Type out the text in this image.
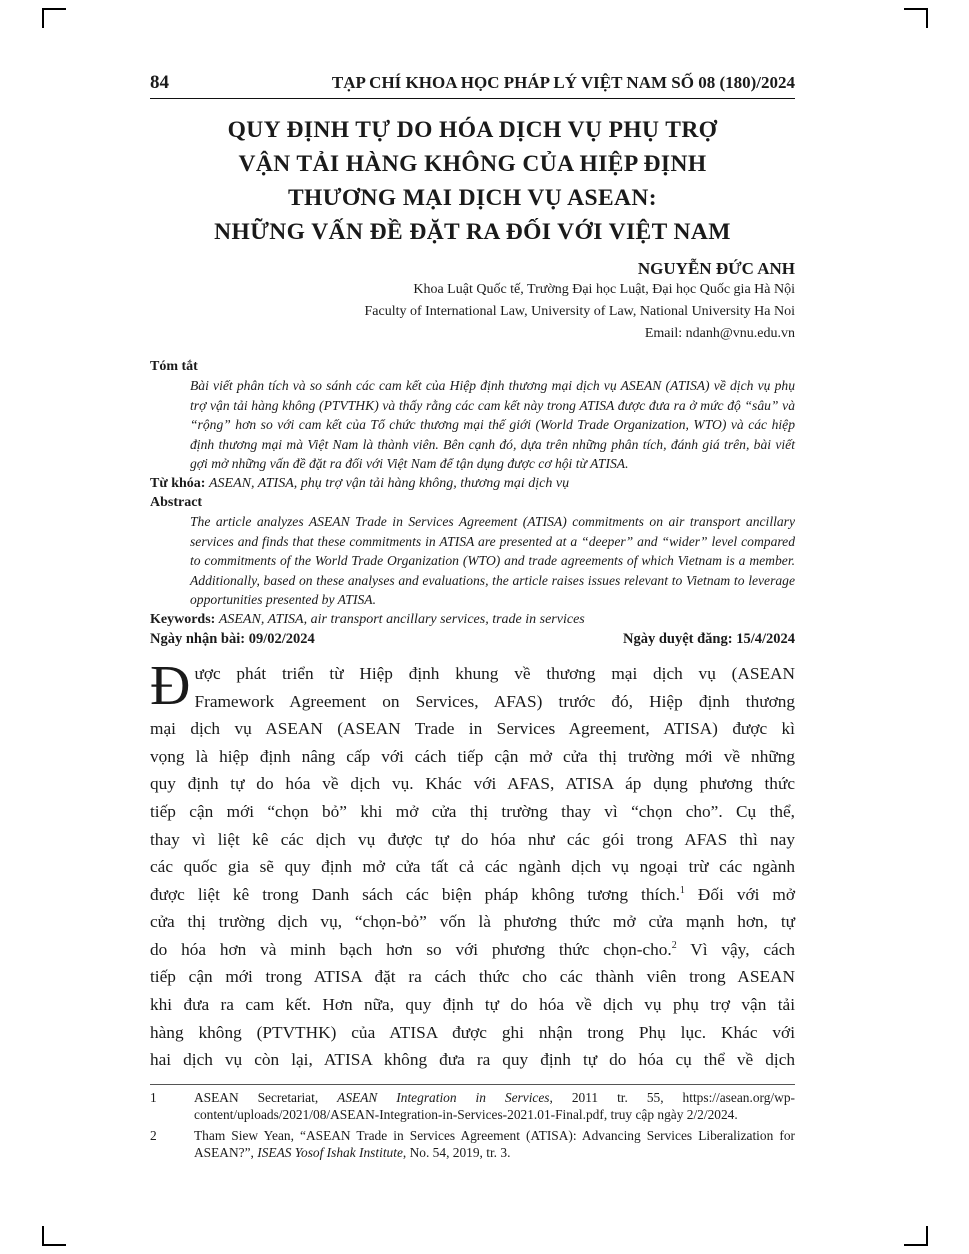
84	TẠP CHÍ KHOA HỌC PHÁP LÝ VIỆT NAM SỐ 08 (180)/2024
QUY ĐỊNH TỰ DO HÓA DỊCH VỤ PHỤ TRỢ
VẬN TẢI HÀNG KHÔNG CỦA HIỆP ĐỊNH
THƯƠNG MẠI DỊCH VỤ ASEAN:
NHỮNG VẤN ĐỀ ĐẶT RA ĐỐI VỚI VIỆT NAM
NGUYỄN ĐỨC ANH
Khoa Luật Quốc tế, Trường Đại học Luật, Đại học Quốc gia Hà Nội
Faculty of International Law, University of Law, National University Ha Noi
Email: ndanh@vnu.edu.vn
Tóm tắt
Bài viết phân tích và so sánh các cam kết của Hiệp định thương mại dịch vụ ASEAN (ATISA) về dịch vụ phụ trợ vận tải hàng không (PTVTHK) và thấy rằng các cam kết này trong ATISA được đưa ra ở mức độ “sâu” và “rộng” hơn so với cam kết của Tổ chức thương mại thế giới (World Trade Organization, WTO) và các hiệp định thương mại mà Việt Nam là thành viên. Bên cạnh đó, dựa trên những phân tích, đánh giá trên, bài viết gợi mở những vấn đề đặt ra đối với Việt Nam để tận dụng được cơ hội từ ATISA.
Từ khóa: ASEAN, ATISA, phụ trợ vận tải hàng không, thương mại dịch vụ
Abstract
The article analyzes ASEAN Trade in Services Agreement (ATISA) commitments on air transport ancillary services and finds that these commitments in ATISA are presented at a “deeper” and “wider” level compared to commitments of the World Trade Organization (WTO) and trade agreements of which Vietnam is a member. Additionally, based on these analyses and evaluations, the article raises issues relevant to Vietnam to leverage opportunities presented by ATISA.
Keywords: ASEAN, ATISA, air transport ancillary services, trade in services
Ngày nhận bài: 09/02/2024	Ngày duyệt đăng: 15/4/2024
Đ ược phát triển từ Hiệp định khung về thương mại dịch vụ (ASEAN
Framework Agreement on Services, AFAS) trước đó, Hiệp định thương
mại dịch vụ ASEAN (ASEAN Trade in Services Agreement, ATISA) được kì
vọng là hiệp định nâng cấp với cách tiếp cận mở cửa thị trường mới về những
quy định tự do hóa về dịch vụ. Khác với AFAS, ATISA áp dụng phương thức
tiếp cận mới “chọn bỏ” khi mở cửa thị trường thay vì “chọn cho”. Cụ thể,
thay vì liệt kê các dịch vụ được tự do hóa như các gói trong AFAS thì nay
các quốc gia sẽ quy định mở cửa tất cả các ngành dịch vụ ngoại trừ các ngành
được liệt kê trong Danh sách các biện pháp không tương thích.$^1$ Đối với mở
cửa thị trường dịch vụ, “chọn-bỏ” vốn là phương thức mở cửa mạnh hơn, tự
do hóa hơn và minh bạch hơn so với phương thức chọn-cho.$^2$ Vì vậy, cách
tiếp cận mới trong ATISA đặt ra cách thức cho các thành viên trong ASEAN
khi đưa ra cam kết. Hơn nữa, quy định tự do hóa về dịch vụ phụ trợ vận tải
hàng không (PTVTHK) của ATISA được ghi nhận trong Phụ lục. Khác với
hai dịch vụ còn lại, ATISA không đưa ra quy định tự do hóa cụ thể về dịch
1	ASEAN Secretariat, ASEAN Integration in Services, 2011 tr. 55, https://asean.org/wp-content/uploads/2021/08/ASEAN-Integration-in-Services-2021.01-Final.pdf, truy cập ngày 2/2/2024.
2	Tham Siew Yean, “ASEAN Trade in Services Agreement (ATISA): Advancing Services Liberalization for ASEAN?”, ISEAS Yosof Ishak Institute, No. 54, 2019, tr. 3.
